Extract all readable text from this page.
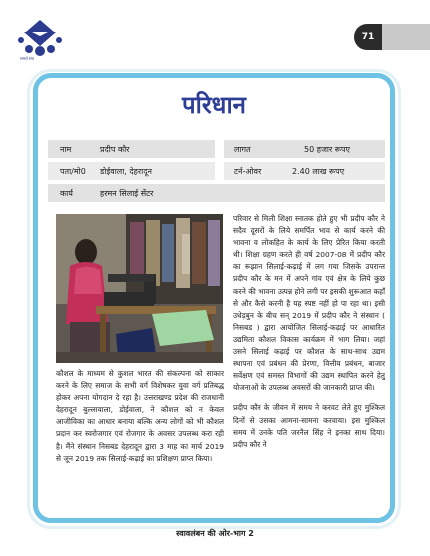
समर्थ संघ
71
परिधान
नाम	प्रदीप कौर	लागत	50 हजार रूपए
पता/मो0 डोईवाला, देहरादून	टर्न-ओवर	2.40 लाख रूपए
कार्य	हरमन सिलाई सेंटर

कौशल के माध्यम से कुशल भारत की संकल्पना को साकार करने के लिए समाज के सभी वर्ग विशेषकर युवा वर्ग प्रतिबद्ध होकर अपना योगदान दे रहा है। उत्तराखण्ड प्रदेश की राजधानी देहरादून बुल्लावाला, डोईवाला, ने कौशल को न केवल आजीविका का आधार बनाया बल्कि अन्य लोगों को भी कौशल प्रदान कर स्वरोजगार एवं रोजगार के अवसर उपलब्ध करा रही है। मैंने संस्थान निसबड देहरादून द्वारा 3 माह का मार्च 2019 से जून 2019 तक सिलाई-कढ़ाई का प्रशिक्षण प्राप्त किया।

परिवार से मिली शिक्षा स्नातक होते हुए भी प्रदीप कौर ने सदैव दूसरों के लिये समर्पित भाव से कार्य करने की भावना व लोकहित के कार्य के लिए प्रेरित किया करती थी। शिक्षा ग्रहण करते ही वर्ष 2007-08 में प्रदीप कौर का रूझान सिलाई-कढ़ाई में लग गया जिसके उपरान्त प्रदीप कौर के मन में अपने गांव एवं क्षेत्र के लिये कुछ करने की भावना उत्पन्न होने लगी पर इसकी शुरूआत कहाँ से और कैसे करनी है यह स्पष्ट नहीं हो पा रहा था। इसी उधेड़बुन के बीच सन् 2019 में प्रदीप कौर ने संस्थान ( निसबड ) द्वारा आयोजित सिलाई-कढ़ाई पर आधारित उद्यमिता कौशल विकास कार्यक्रम में भाग लिया। जहां उसने सिलाई कढ़ाई पर कौशल के साथ-साथ उद्यम स्थापना एवं प्रबंधन की प्रेरणा, वित्तीय प्रबंधन, बाजार सर्वेक्षण एवं समस्त विभागों की उद्यम स्थापित करने हेतु योजनाओं के उपलब्ध अवसरों की जानकारी प्राप्त की।

प्रदीप कौर के जीवन में समय ने करवट लेते हुए मुश्किल दिनों से उसका आमना-सामना करवाया। इस मुश्किल समय में उनके पति जरनैल सिंह ने इनका साथ दिया। प्रदीप कौर ने

स्वावलंबन की ओर-भाग 2
